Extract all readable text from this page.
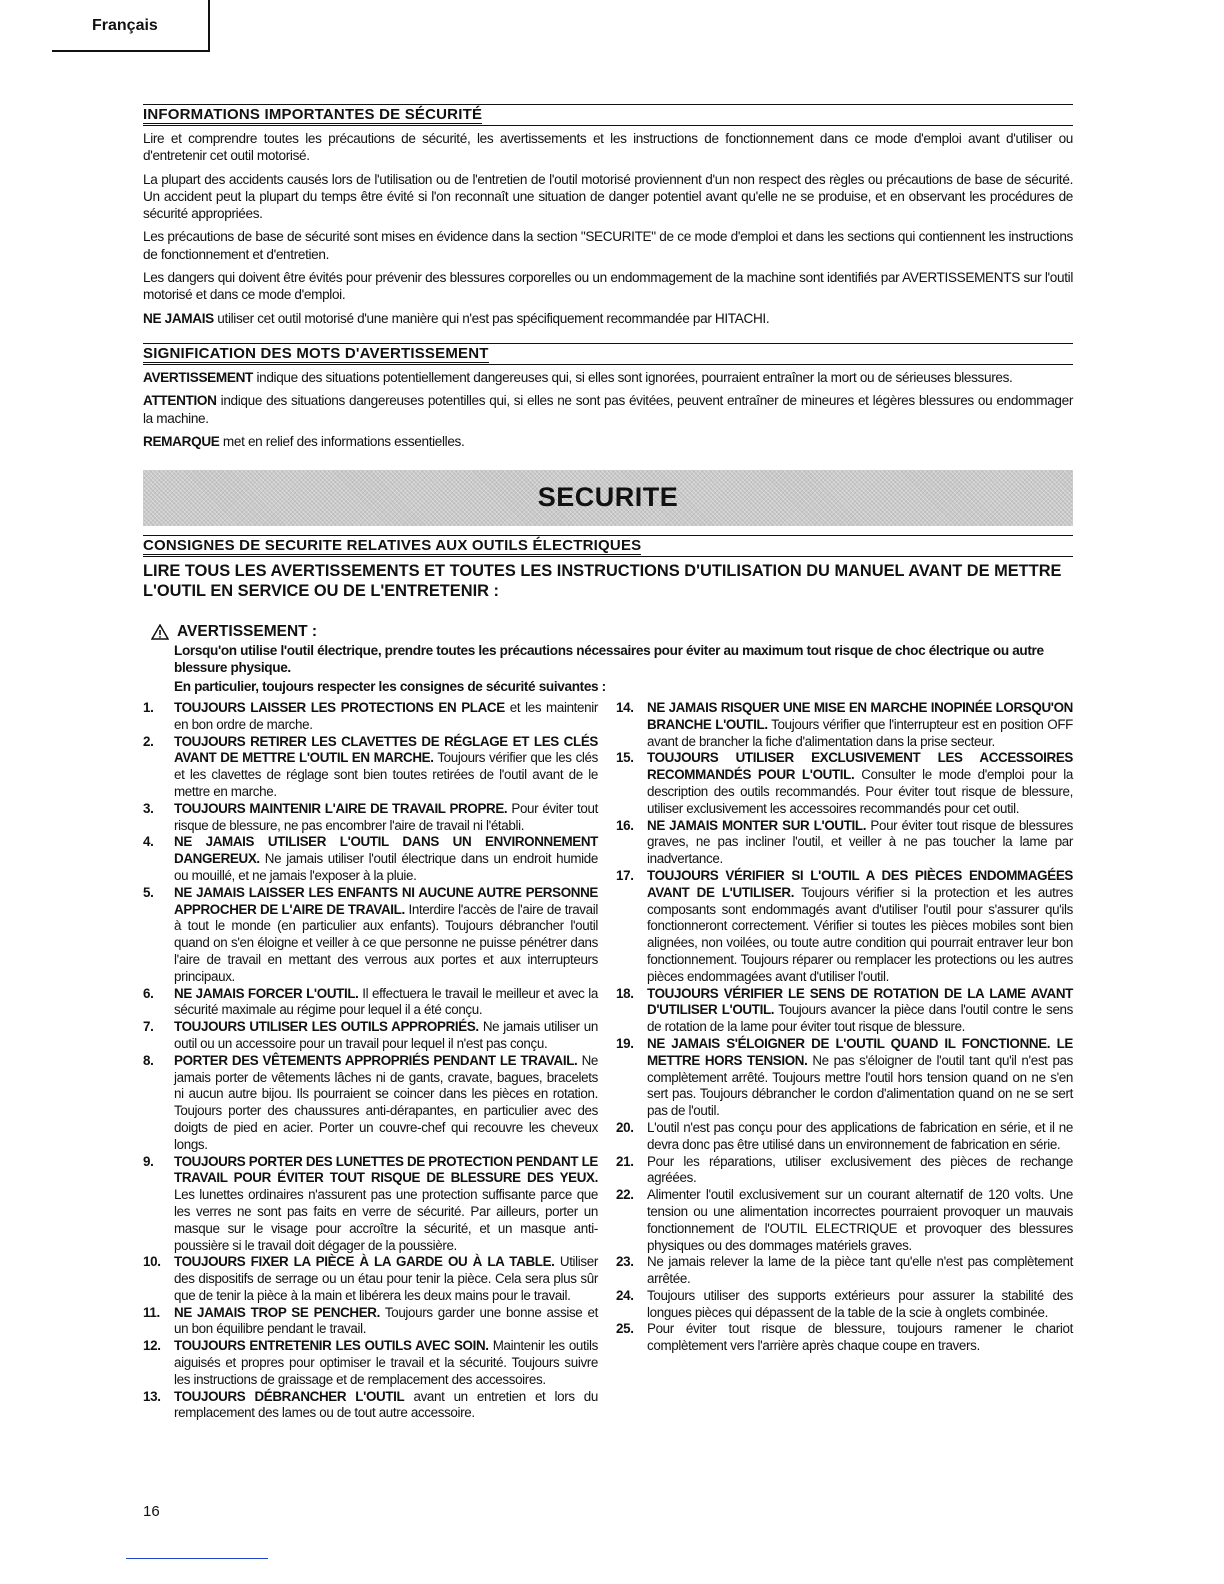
Français
INFORMATIONS IMPORTANTES DE SÉCURITÉ

Lire et comprendre toutes les précautions de sécurité, les avertissements et les instructions de fonctionnement dans ce mode d'emploi avant d'utiliser ou d'entretenir cet outil motorisé.

La plupart des accidents causés lors de l'utilisation ou de l'entretien de l'outil motorisé proviennent d'un non respect des règles ou précautions de base de sécurité. Un accident peut la plupart du temps être évité si l'on reconnaît une situation de danger potentiel avant qu'elle ne se produise, et en observant les procédures de sécurité appropriées.

Les précautions de base de sécurité sont mises en évidence dans la section "SECURITE" de ce mode d'emploi et dans les sections qui contiennent les instructions de fonctionnement et d'entretien.

Les dangers qui doivent être évités pour prévenir des blessures corporelles ou un endommagement de la machine sont identifiés par AVERTISSEMENTS sur l'outil motorisé et dans ce mode d'emploi.

NE JAMAIS utiliser cet outil motorisé d'une manière qui n'est pas spécifiquement recommandée par HITACHI.

SIGNIFICATION DES MOTS D'AVERTISSEMENT

AVERTISSEMENT indique des situations potentiellement dangereuses qui, si elles sont ignorées, pourraient entraîner la mort ou de sérieuses blessures.

ATTENTION indique des situations dangereuses potentilles qui, si elles ne sont pas évitées, peuvent entraîner de mineures et légères blessures ou endommager la machine.

REMARQUE met en relief des informations essentielles.

SECURITE
CONSIGNES DE SECURITE RELATIVES AUX OUTILS ÉLECTRIQUES

LIRE TOUS LES AVERTISSEMENTS ET TOUTES LES INSTRUCTIONS D'UTILISATION DU MANUEL AVANT DE METTRE L'OUTIL EN SERVICE OU DE L'ENTRETENIR :

AVERTISSEMENT :
Lorsqu'on utilise l'outil électrique, prendre toutes les précautions nécessaires pour éviter au maximum tout risque de choc électrique ou autre blessure physique.
En particulier, toujours respecter les consignes de sécurité suivantes :
1.	TOUJOURS LAISSER LES PROTECTIONS EN PLACE et les maintenir en bon ordre de marche.
2.	TOUJOURS RETIRER LES CLAVETTES DE RÉGLAGE ET LES CLÉS AVANT DE METTRE L'OUTIL EN MARCHE. Toujours vérifier que les clés et les clavettes de réglage sont bien toutes retirées de l'outil avant de le mettre en marche.
3.	TOUJOURS MAINTENIR L'AIRE DE TRAVAIL PROPRE. Pour éviter tout risque de blessure, ne pas encombrer l'aire de travail ni l'établi.
4.	NE JAMAIS UTILISER L'OUTIL DANS UN ENVIRONNEMENT DANGEREUX. Ne jamais utiliser l'outil électrique dans un endroit humide ou mouillé, et ne jamais l'exposer à la pluie.
5.	NE JAMAIS LAISSER LES ENFANTS NI AUCUNE AUTRE PERSONNE APPROCHER DE L'AIRE DE TRAVAIL. Interdire l'accès de l'aire de travail à tout le monde (en particulier aux enfants). Toujours débrancher l'outil quand on s'en éloigne et veiller à ce que personne ne puisse pénétrer dans l'aire de travail en mettant des verrous aux portes et aux interrupteurs principaux.
6.	NE JAMAIS FORCER L'OUTIL. Il effectuera le travail le meilleur et avec la sécurité maximale au régime pour lequel il a été conçu.
7.	TOUJOURS UTILISER LES OUTILS APPROPRIÉS. Ne jamais utiliser un outil ou un accessoire pour un travail pour lequel il n'est pas conçu.
8.	PORTER DES VÊTEMENTS APPROPRIÉS PENDANT LE TRAVAIL. Ne jamais porter de vêtements lâches ni de gants, cravate, bagues, bracelets ni aucun autre bijou. Ils pourraient se coincer dans les pièces en rotation. Toujours porter des chaussures anti-dérapantes, en particulier avec des doigts de pied en acier. Porter un couvre-chef qui recouvre les cheveux longs.
9.	TOUJOURS PORTER DES LUNETTES DE PROTECTION PENDANT LE TRAVAIL POUR ÉVITER TOUT RISQUE DE BLESSURE DES YEUX. Les lunettes ordinaires n'assurent pas une protection suffisante parce que les verres ne sont pas faits en verre de sécurité. Par ailleurs, porter un masque sur le visage pour accroître la sécurité, et un masque anti-poussière si le travail doit dégager de la poussière.
10.	TOUJOURS FIXER LA PIÈCE À LA GARDE OU À LA TABLE. Utiliser des dispositifs de serrage ou un étau pour tenir la pièce. Cela sera plus sûr que de tenir la pièce à la main et libérera les deux mains pour le travail.
11.	NE JAMAIS TROP SE PENCHER. Toujours garder une bonne assise et un bon équilibre pendant le travail.
12.	TOUJOURS ENTRETENIR LES OUTILS AVEC SOIN. Maintenir les outils aiguisés et propres pour optimiser le travail et la sécurité. Toujours suivre les instructions de graissage et de remplacement des accessoires.
13.	TOUJOURS DÉBRANCHER L'OUTIL avant un entretien et lors du remplacement des lames ou de tout autre accessoire.
14.	NE JAMAIS RISQUER UNE MISE EN MARCHE INOPINÉE LORSQU'ON BRANCHE L'OUTIL. Toujours vérifier que l'interrupteur est en position OFF avant de brancher la fiche d'alimentation dans la prise secteur.
15.	TOUJOURS UTILISER EXCLUSIVEMENT LES ACCESSOIRES RECOMMANDÉS POUR L'OUTIL. Consulter le mode d'emploi pour la description des outils recommandés. Pour éviter tout risque de blessure, utiliser exclusivement les accessoires recommandés pour cet outil.
16.	NE JAMAIS MONTER SUR L'OUTIL. Pour éviter tout risque de blessures graves, ne pas incliner l'outil, et veiller à ne pas toucher la lame par inadvertance.
17.	TOUJOURS VÉRIFIER SI L'OUTIL A DES PIÈCES ENDOMMAGÉES AVANT DE L'UTILISER. Toujours vérifier si la protection et les autres composants sont endommagés avant d'utiliser l'outil pour s'assurer qu'ils fonctionneront correctement. Vérifier si toutes les pièces mobiles sont bien alignées, non voilées, ou toute autre condition qui pourrait entraver leur bon fonctionnement. Toujours réparer ou remplacer les protections ou les autres pièces endommagées avant d'utiliser l'outil.
18.	TOUJOURS VÉRIFIER LE SENS DE ROTATION DE LA LAME AVANT D'UTILISER L'OUTIL. Toujours avancer la pièce dans l'outil contre le sens de rotation de la lame pour éviter tout risque de blessure.
19.	NE JAMAIS S'ÉLOIGNER DE L'OUTIL QUAND IL FONCTIONNE. LE METTRE HORS TENSION. Ne pas s'éloigner de l'outil tant qu'il n'est pas complètement arrêté. Toujours mettre l'outil hors tension quand on ne s'en sert pas. Toujours débrancher le cordon d'alimentation quand on ne se sert pas de l'outil.
20.	L'outil n'est pas conçu pour des applications de fabrication en série, et il ne devra donc pas être utilisé dans un environnement de fabrication en série.
21.	Pour les réparations, utiliser exclusivement des pièces de rechange agréées.
22.	Alimenter l'outil exclusivement sur un courant alternatif de 120 volts. Une tension ou une alimentation incorrectes pourraient provoquer un mauvais fonctionnement de l'OUTIL ELECTRIQUE et provoquer des blessures physiques ou des dommages matériels graves.
23.	Ne jamais relever la lame de la pièce tant qu'elle n'est pas complètement arrêtée.
24.	Toujours utiliser des supports extérieurs pour assurer la stabilité des longues pièces qui dépassent de la table de la scie à onglets combinée.
25.	Pour éviter tout risque de blessure, toujours ramener le chariot complètement vers l'arrière après chaque coupe en travers.
16
